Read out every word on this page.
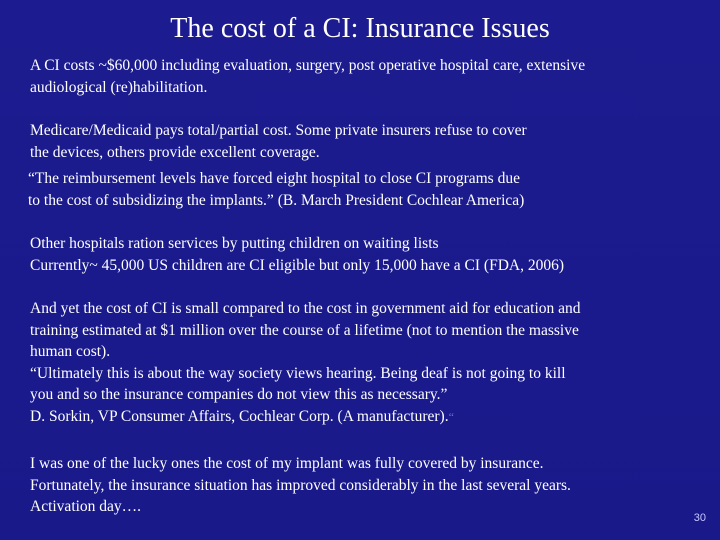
The cost of a CI: Insurance Issues

A CI costs ~$60,000 including evaluation, surgery, post operative hospital care, extensive
audiological (re)habilitation.

Medicare/Medicaid pays total/partial cost. Some private insurers refuse to cover
the devices, others provide excellent coverage.

“The reimbursement levels have forced eight hospital to close CI programs due
to the cost of subsidizing the implants.” (B. March President Cochlear America)

Other hospitals ration services by putting children on waiting lists
Currently~ 45,000 US children are CI eligible but only 15,000 have a CI (FDA, 2006)

And yet the cost of CI is small compared to the cost in government aid for education and
training estimated at $1 million over the course of a lifetime (not to mention the massive
human cost).
“Ultimately this is about the way society views hearing. Being deaf is not going to kill
you and so the insurance companies do not view this as necessary.”
D. Sorkin, VP Consumer Affairs, Cochlear Corp. (A manufacturer).“

I was one of the lucky ones the cost of my implant was fully covered by insurance.
Fortunately, the insurance situation has improved considerably in the last several years.
Activation day….

30
